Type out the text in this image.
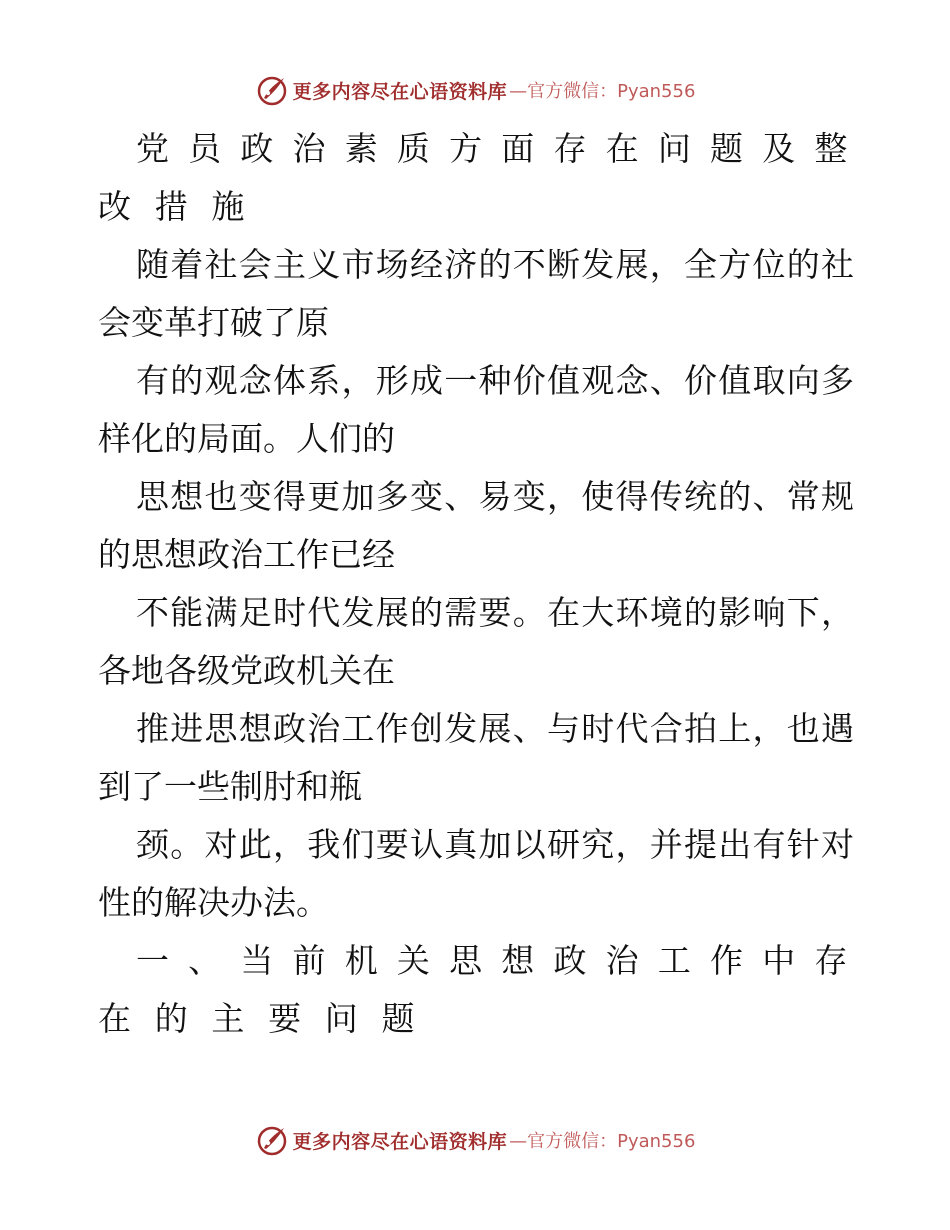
更多内容尽在心语资料库 —官方微信：Pyan556

党员政治素质方面存在问题及整
改 措 施

随着社会主义市场经济的不断发展，全方位的社
会变革打破了原

有的观念体系，形成一种价值观念、价值取向多
样化的局面。人们的

思想也变得更加多变、易变，使得传统的、常规
的思想政治工作已经

不能满足时代发展的需要。在大环境的影响下，
各地各级党政机关在

推进思想政治工作创发展、与时代合拍上，也遇
到了一些制肘和瓶

颈。对此，我们要认真加以研究，并提出有针对
性的解决办法。

一、当前机关思想政治工作中存
在 的 主 要 问 题

更多内容尽在心语资料库 —官方微信：Pyan556
